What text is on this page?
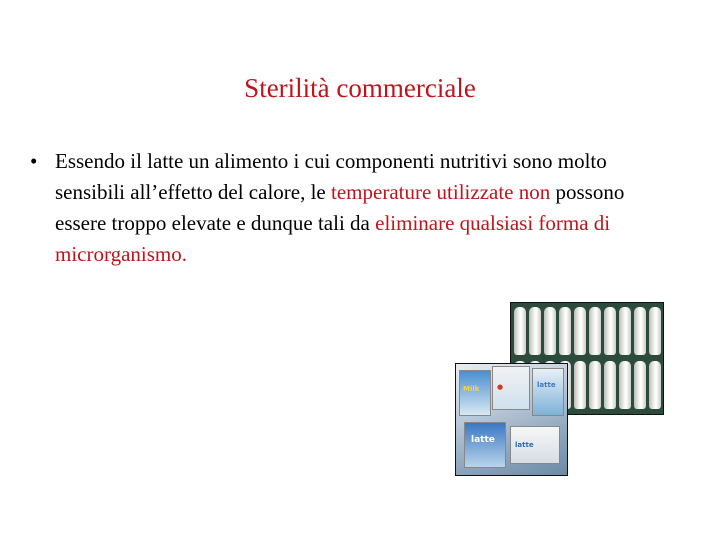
Sterilità commerciale
• Essendo il latte un alimento i cui componenti nutritivi sono molto sensibili all’effetto del calore, le temperature utilizzate non possono essere troppo elevate e dunque tali da eliminare qualsiasi forma di microrganismo.
Milk	●	latte
latte	latte
